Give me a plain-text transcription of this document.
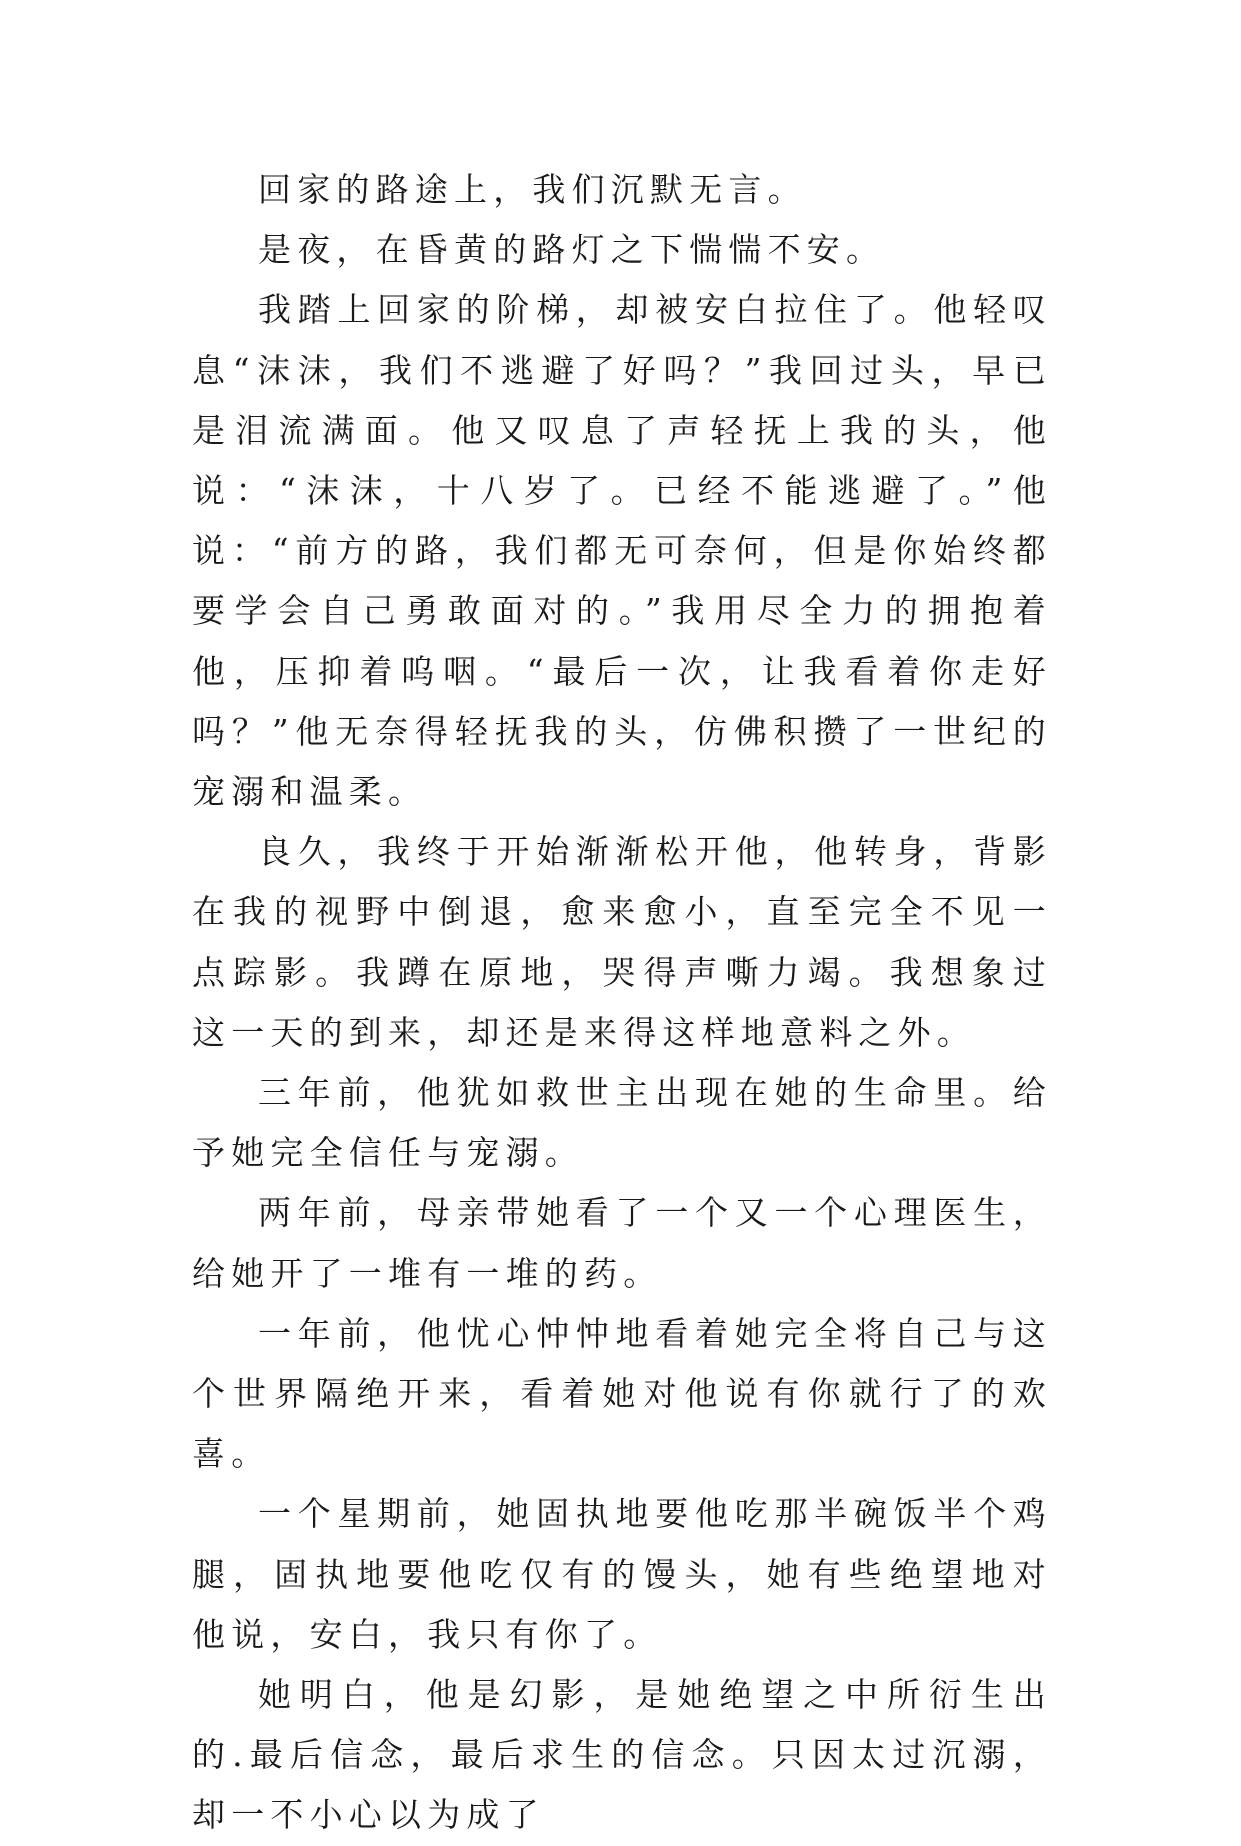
回家的路途上，我们沉默无言。

是夜，在昏黄的路灯之下惴惴不安。

我踏上回家的阶梯，却被安白拉住了。他轻叹息“沫沫，我们不逃避了好吗？”我回过头，早已是泪流满面。他又叹息了声轻抚上我的头，他说：“沫沫，十八岁了。已经不能逃避了。”他说：“前方的路，我们都无可奈何，但是你始终都要学会自己勇敢面对的。”我用尽全力的拥抱着他，压抑着呜咽。“最后一次，让我看着你走好吗？”他无奈得轻抚我的头，仿佛积攒了一世纪的宠溺和温柔。

良久，我终于开始渐渐松开他，他转身，背影在我的视野中倒退，愈来愈小，直至完全不见一点踪影。我蹲在原地，哭得声嘶力竭。我想象过这一天的到来，却还是来得这样地意料之外。

三年前，他犹如救世主出现在她的生命里。给予她完全信任与宠溺。

两年前，母亲带她看了一个又一个心理医生，给她开了一堆有一堆的药。

一年前，他忧心忡忡地看着她完全将自己与这个世界隔绝开来，看着她对他说有你就行了的欢喜。

一个星期前，她固执地要他吃那半碗饭半个鸡腿，固执地要他吃仅有的馒头，她有些绝望地对他说，安白，我只有你了。

她明白，他是幻影，是她绝望之中所衍生出的.最后信念，最后求生的信念。只因太过沉溺，却一不小心以为成了
